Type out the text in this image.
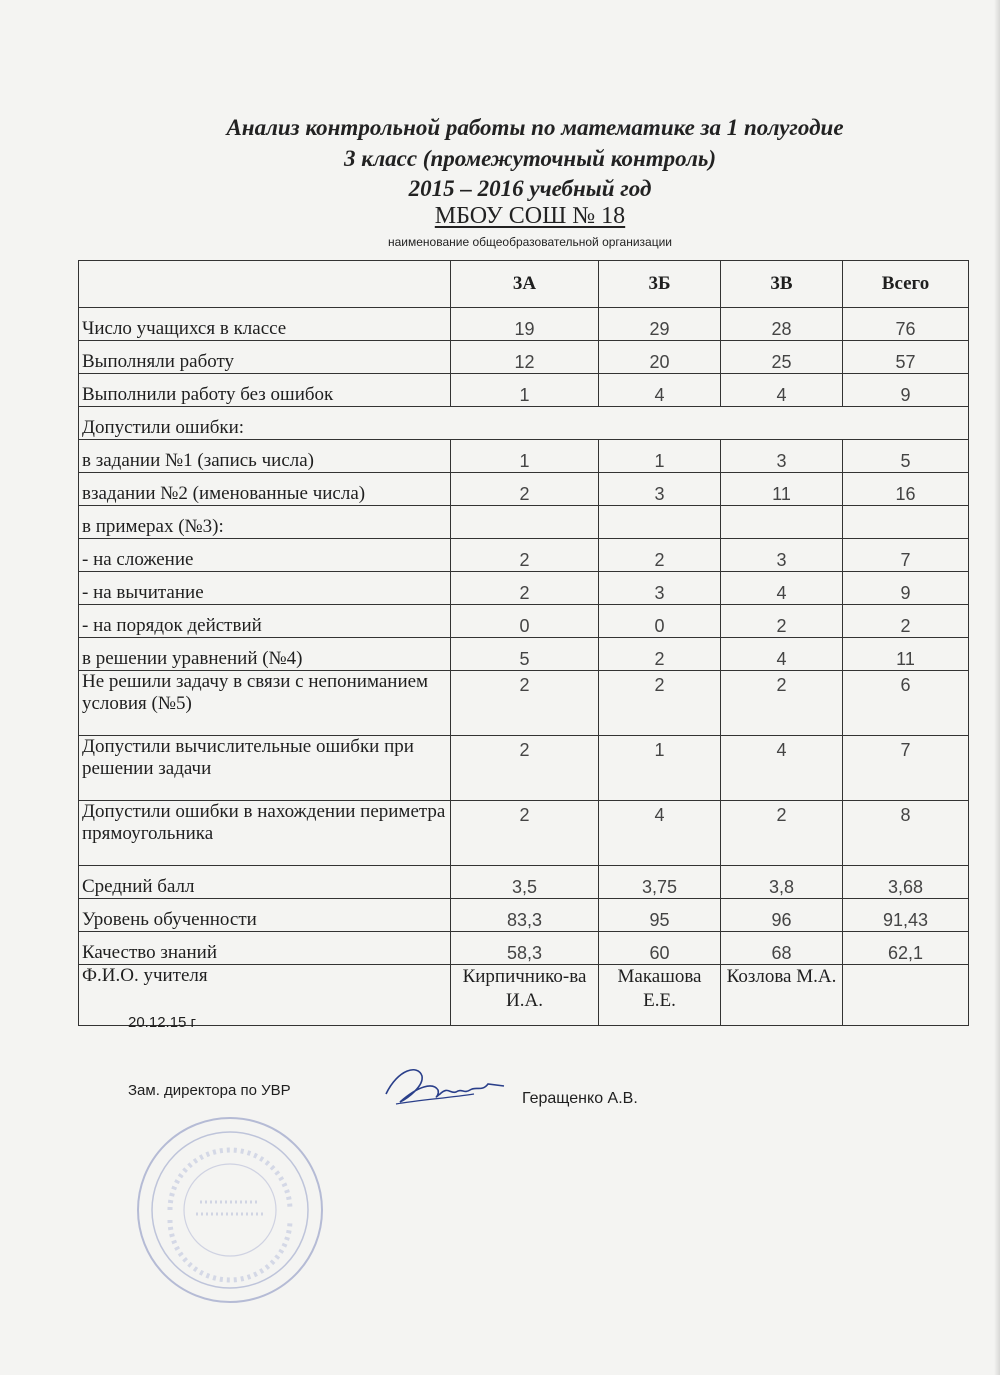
Анализ контрольной работы по математике за 1 полугодие
3 класс (промежуточный контроль)
2015 – 2016 учебный год
МБОУ СОШ № 18
наименование общеобразовательной организации
	3А	3Б	3В	Всего
Число учащихся в классе	19	29	28	76
Выполняли работу	12	20	25	57
Выполнили работу без ошибок	1	4	4	9
Допустили ошибки:				
в задании №1 (запись числа)	1	1	3	5
взадании №2 (именованные числа)	2	3	11	16
в примерах (№3):				
- на сложение	2	2	3	7
- на вычитание	2	3	4	9
- на порядок действий	0	0	2	2
в решении уравнений (№4)	5	2	4	11
Не решили задачу в связи с непониманием условия (№5)	2	2	2	6
Допустили вычислительные ошибки при решении задачи	2	1	4	7
Допустили ошибки в нахождении периметра прямоугольника	2	4	2	8
Средний балл	3,5	3,75	3,8	3,68
Уровень обученности	83,3	95	96	91,43
Качество знаний	58,3	60	68	62,1
Ф.И.О. учителя	Кирпичнико-ва И.А.	Макашова Е.Е.	Козлова М.А.	
20.12.15 г
Зам. директора по УВР	Геращенко А.В.
